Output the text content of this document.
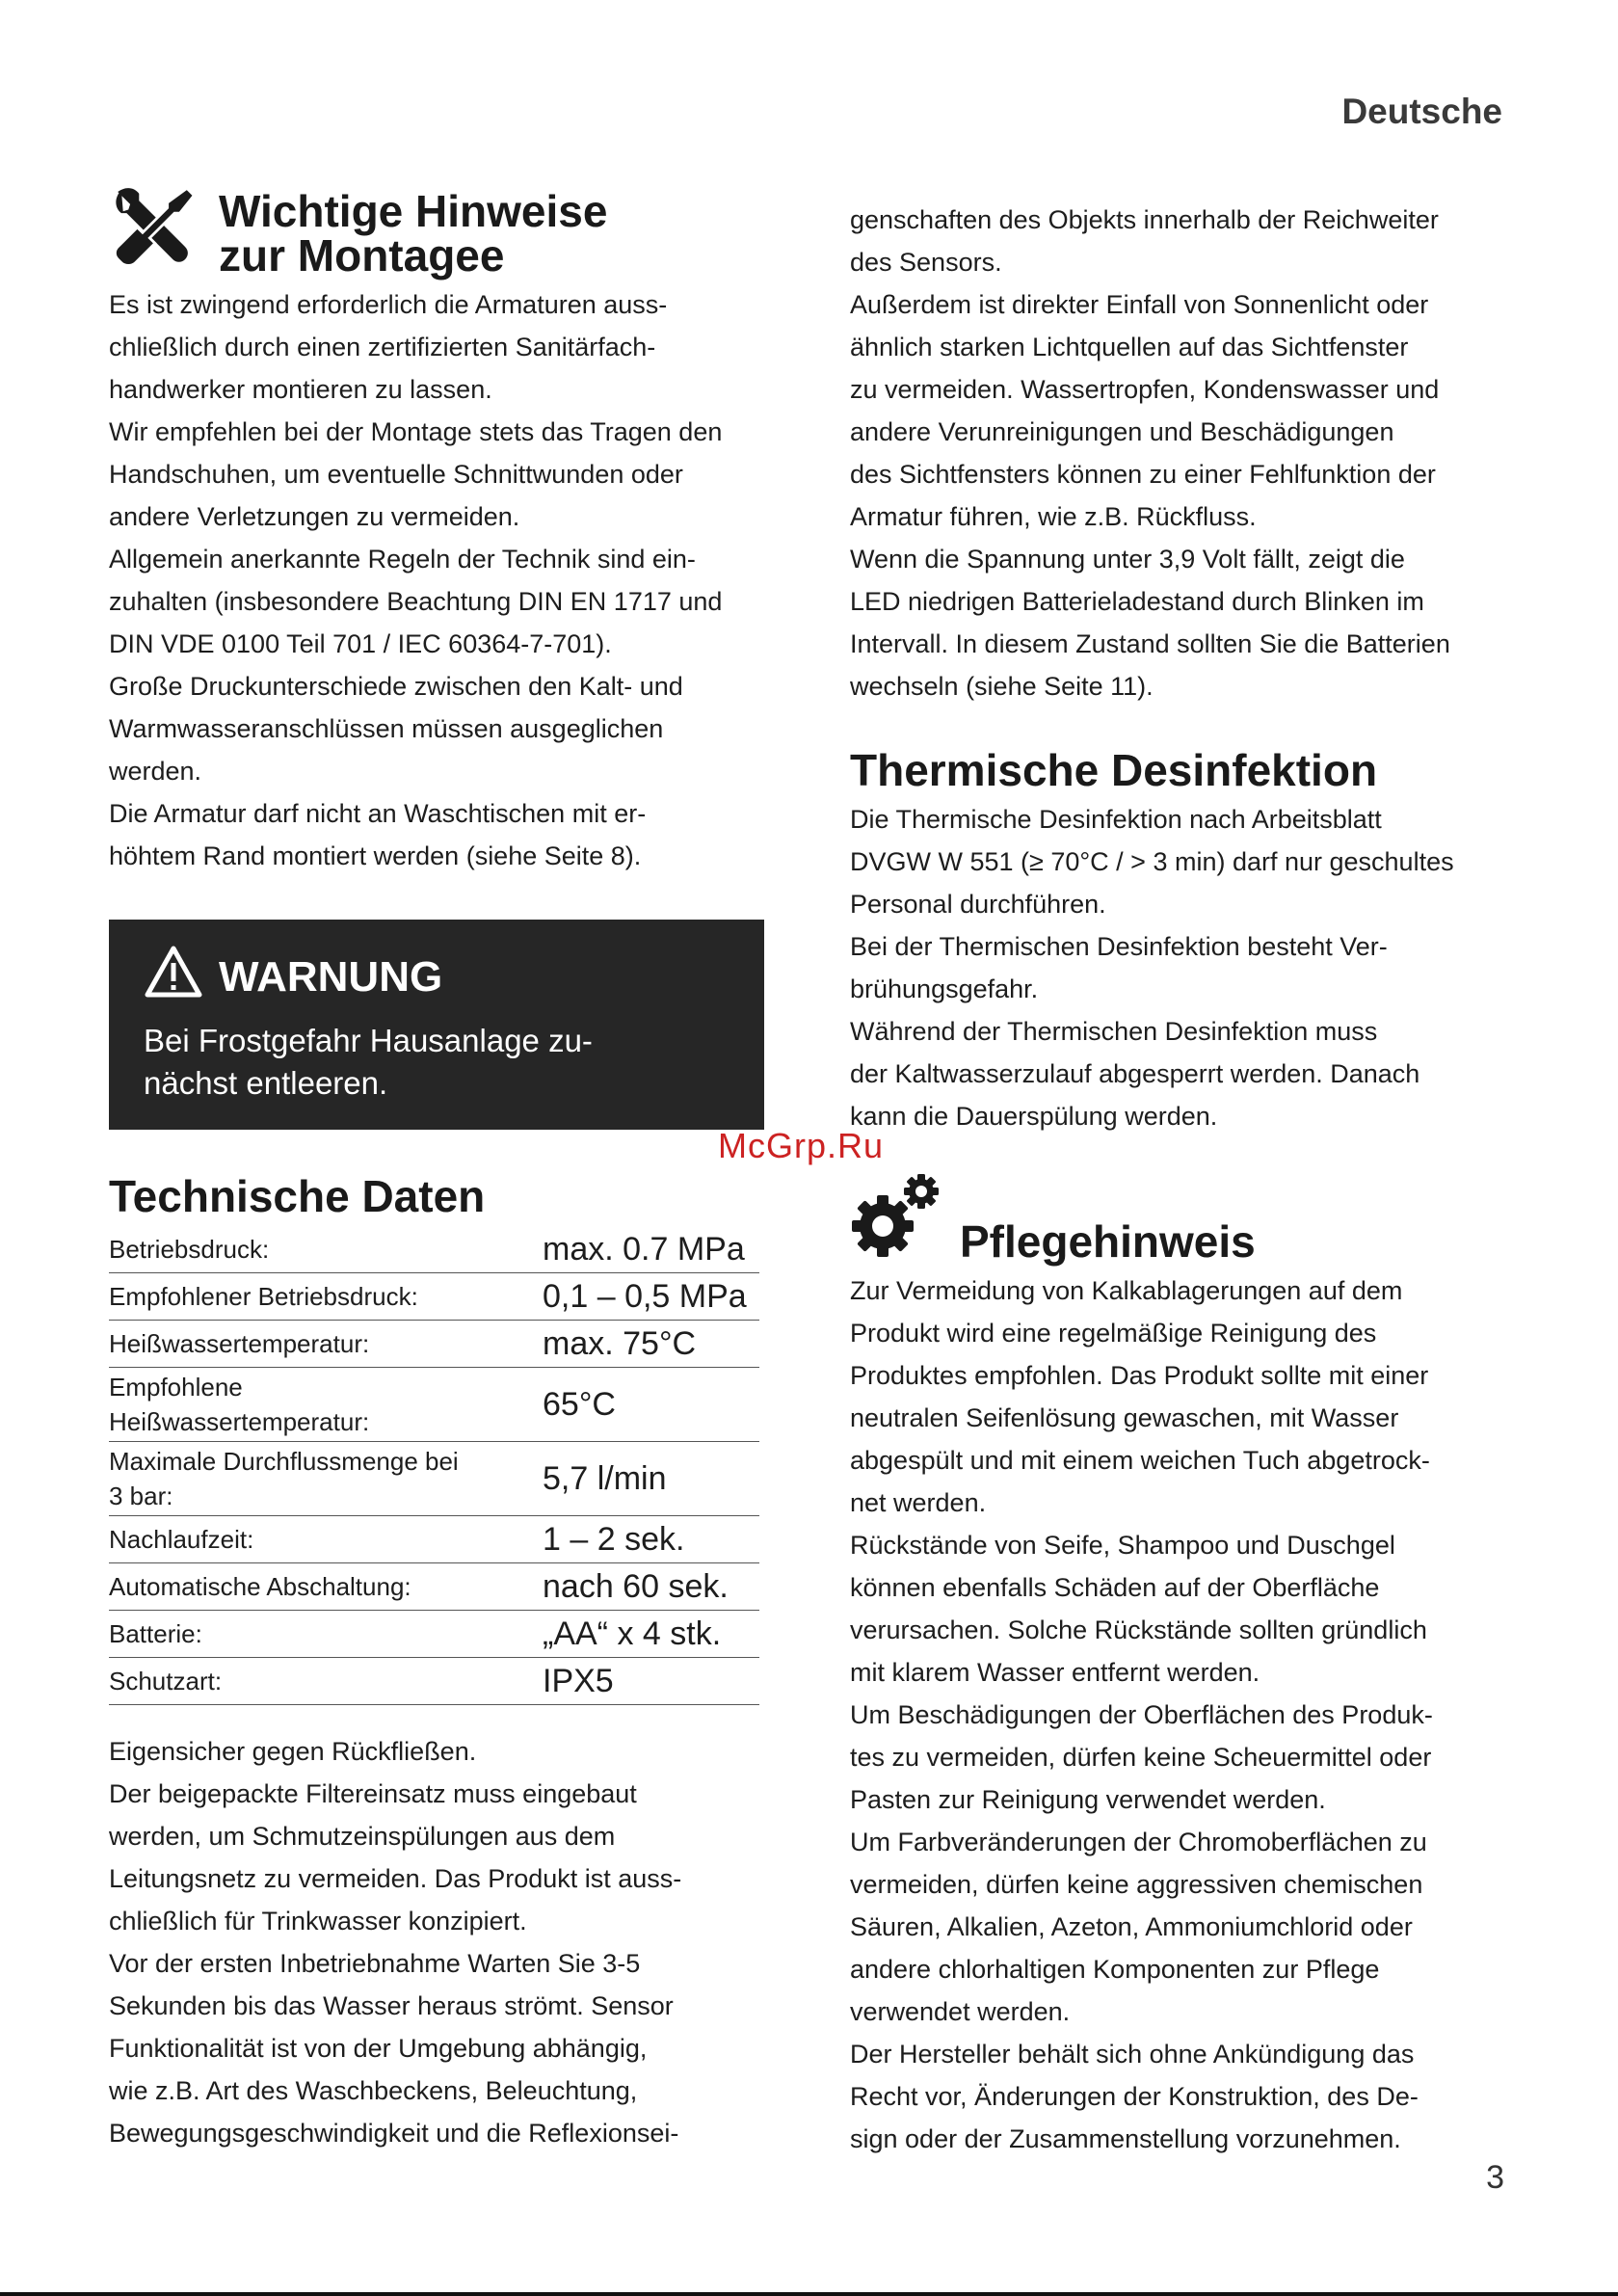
Deutsche
Wichtige Hinweise
zur Montagee

Es ist zwingend erforderlich die Armaturen auss-
chließlich durch einen zertifizierten Sanitärfach-
handwerker montieren zu lassen.

Wir empfehlen bei der Montage stets das Tragen den
Handschuhen, um eventuelle Schnittwunden oder
andere Verletzungen zu vermeiden.

Allgemein anerkannte Regeln der Technik sind ein-
zuhalten (insbesondere Beachtung DIN EN 1717 und
DIN VDE 0100 Teil 701 / IEC 60364-7-701).

Große Druckunterschiede zwischen den Kalt- und
Warmwasseranschlüssen müssen ausgeglichen
werden.

Die Armatur darf nicht an Waschtischen mit er-
höhtem Rand montiert werden (siehe Seite 8).

WARNUNG
Bei Frostgefahr Hausanlage zu-
nächst entleeren.
Technische Daten
Betriebsdruck:	max. 0.7 MPa
Empfohlener Betriebsdruck:	0,1 – 0,5 MPa
Heißwassertemperatur:	max. 75°C
Empfohlene
Heißwassertemperatur:	65°C
Maximale Durchflussmenge bei
3 bar:	5,7 l/min
Nachlaufzeit:	1 – 2 sek.
Automatische Abschaltung:	nach 60 sek.
Batterie:	„AA“ x 4 stk.
Schutzart:	IPX5

Eigensicher gegen Rückfließen.

Der beigepackte Filtereinsatz muss eingebaut
werden, um Schmutzeinspülungen aus dem
Leitungsnetz zu vermeiden. Das Produkt ist auss-
chließlich für Trinkwasser konzipiert.

Vor der ersten Inbetriebnahme Warten Sie 3-5
Sekunden bis das Wasser heraus strömt. Sensor
Funktionalität ist von der Umgebung abhängig,
wie z.B. Art des Waschbeckens, Beleuchtung,
Bewegungsgeschwindigkeit und die Reflexionsei-

genschaften des Objekts innerhalb der Reichweiter
des Sensors.

Außerdem ist direkter Einfall von Sonnenlicht oder
ähnlich starken Lichtquellen auf das Sichtfenster
zu vermeiden. Wassertropfen, Kondenswasser und
andere Verunreinigungen und Beschädigungen
des Sichtfensters können zu einer Fehlfunktion der
Armatur führen, wie z.B. Rückfluss.

Wenn die Spannung unter 3,9 Volt fällt, zeigt die
LED niedrigen Batterieladestand durch Blinken im
Intervall. In diesem Zustand sollten Sie die Batterien
wechseln (siehe Seite 11).

Thermische Desinfektion

Die Thermische Desinfektion nach Arbeitsblatt
DVGW W 551 (≥ 70°C / > 3 min) darf nur geschultes
Personal durchführen.

Bei der Thermischen Desinfektion besteht Ver-
brühungsgefahr.

Während der Thermischen Desinfektion muss
der Kaltwasserzulauf abgesperrt werden. Danach
kann die Dauerspülung werden.

Pflegehinweis

Zur Vermeidung von Kalkablagerungen auf dem
Produkt wird eine regelmäßige Reinigung des
Produktes empfohlen. Das Produkt sollte mit einer
neutralen Seifenlösung gewaschen, mit Wasser
abgespült und mit einem weichen Tuch abgetrock-
net werden.

Rückstände von Seife, Shampoo und Duschgel
können ebenfalls Schäden auf der Oberfläche
verursachen. Solche Rückstände sollten gründlich
mit klarem Wasser entfernt werden.

Um Beschädigungen der Oberflächen des Produk-
tes zu vermeiden, dürfen keine Scheuermittel oder
Pasten zur Reinigung verwendet werden.

Um Farbveränderungen der Chromoberflächen zu
vermeiden, dürfen keine aggressiven chemischen
Säuren, Alkalien, Azeton, Ammoniumchlorid oder
andere chlorhaltigen Komponenten zur Pflege
verwendet werden.

Der Hersteller behält sich ohne Ankündigung das
Recht vor, Änderungen der Konstruktion, des De-
sign oder der Zusammenstellung vorzunehmen.

McGrp.Ru
3
